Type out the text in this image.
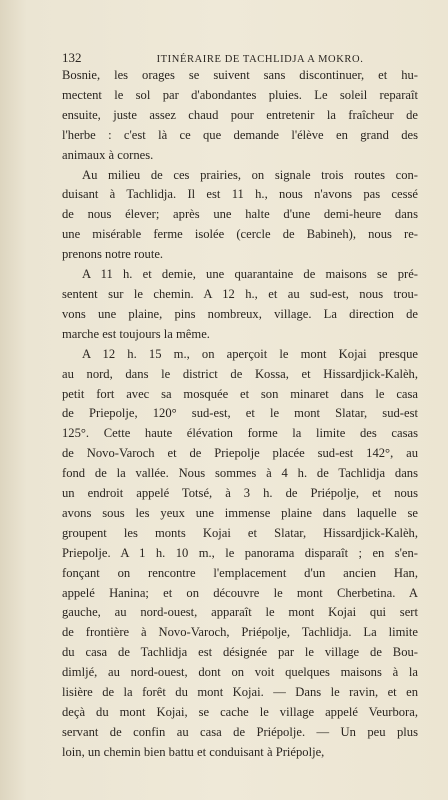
132	ITINÉRAIRE DE TACHLIDJA A MOKRO.

Bosnie, les orages se suivent sans discontinuer, et hu-
mectent le sol par d'abondantes pluies. Le soleil reparaît
ensuite, juste assez chaud pour entretenir la fraîcheur de
l'herbe : c'est là ce que demande l'élève en grand des
animaux à cornes.

Au milieu de ces prairies, on signale trois routes con-
duisant à Tachlidja. Il est 11 h., nous n'avons pas cessé
de nous élever; après une halte d'une demi-heure dans
une misérable ferme isolée (cercle de Babineh), nous re-
prenons notre route.

A 11 h. et demie, une quarantaine de maisons se pré-
sentent sur le chemin. A 12 h., et au sud-est, nous trou-
vons une plaine, pins nombreux, village. La direction de
marche est toujours la même.

A 12 h. 15 m., on aperçoit le mont Kojai presque
au nord, dans le district de Kossa, et Hissardjick-Kalèh,
petit fort avec sa mosquée et son minaret dans le casa
de Priepolje, 120° sud-est, et le mont Slatar, sud-est
125°. Cette haute élévation forme la limite des casas
de Novo-Varoch et de Priepolje placée sud-est 142°, au
fond de la vallée. Nous sommes à 4 h. de Tachlidja dans
un endroit appelé Totsé, à 3 h. de Priépolje, et nous
avons sous les yeux une immense plaine dans laquelle se
groupent les monts Kojai et Slatar, Hissardjick-Kalèh,
Priepolje. A 1 h. 10 m., le panorama disparaît ; en s'en-
fonçant on rencontre l'emplacement d'un ancien Han,
appelé Hanina; et on découvre le mont Cherbetina. A
gauche, au nord-ouest, apparaît le mont Kojai qui sert
de frontière à Novo-Varoch, Priépolje, Tachlidja. La limite
du casa de Tachlidja est désignée par le village de Bou-
dimljé, au nord-ouest, dont on voit quelques maisons à la
lisière de la forêt du mont Kojai. — Dans le ravin, et en
deçà du mont Kojai, se cache le village appelé Veurbora,
servant de confin au casa de Priépolje. — Un peu plus
loin, un chemin bien battu et conduisant à Priépolje,
